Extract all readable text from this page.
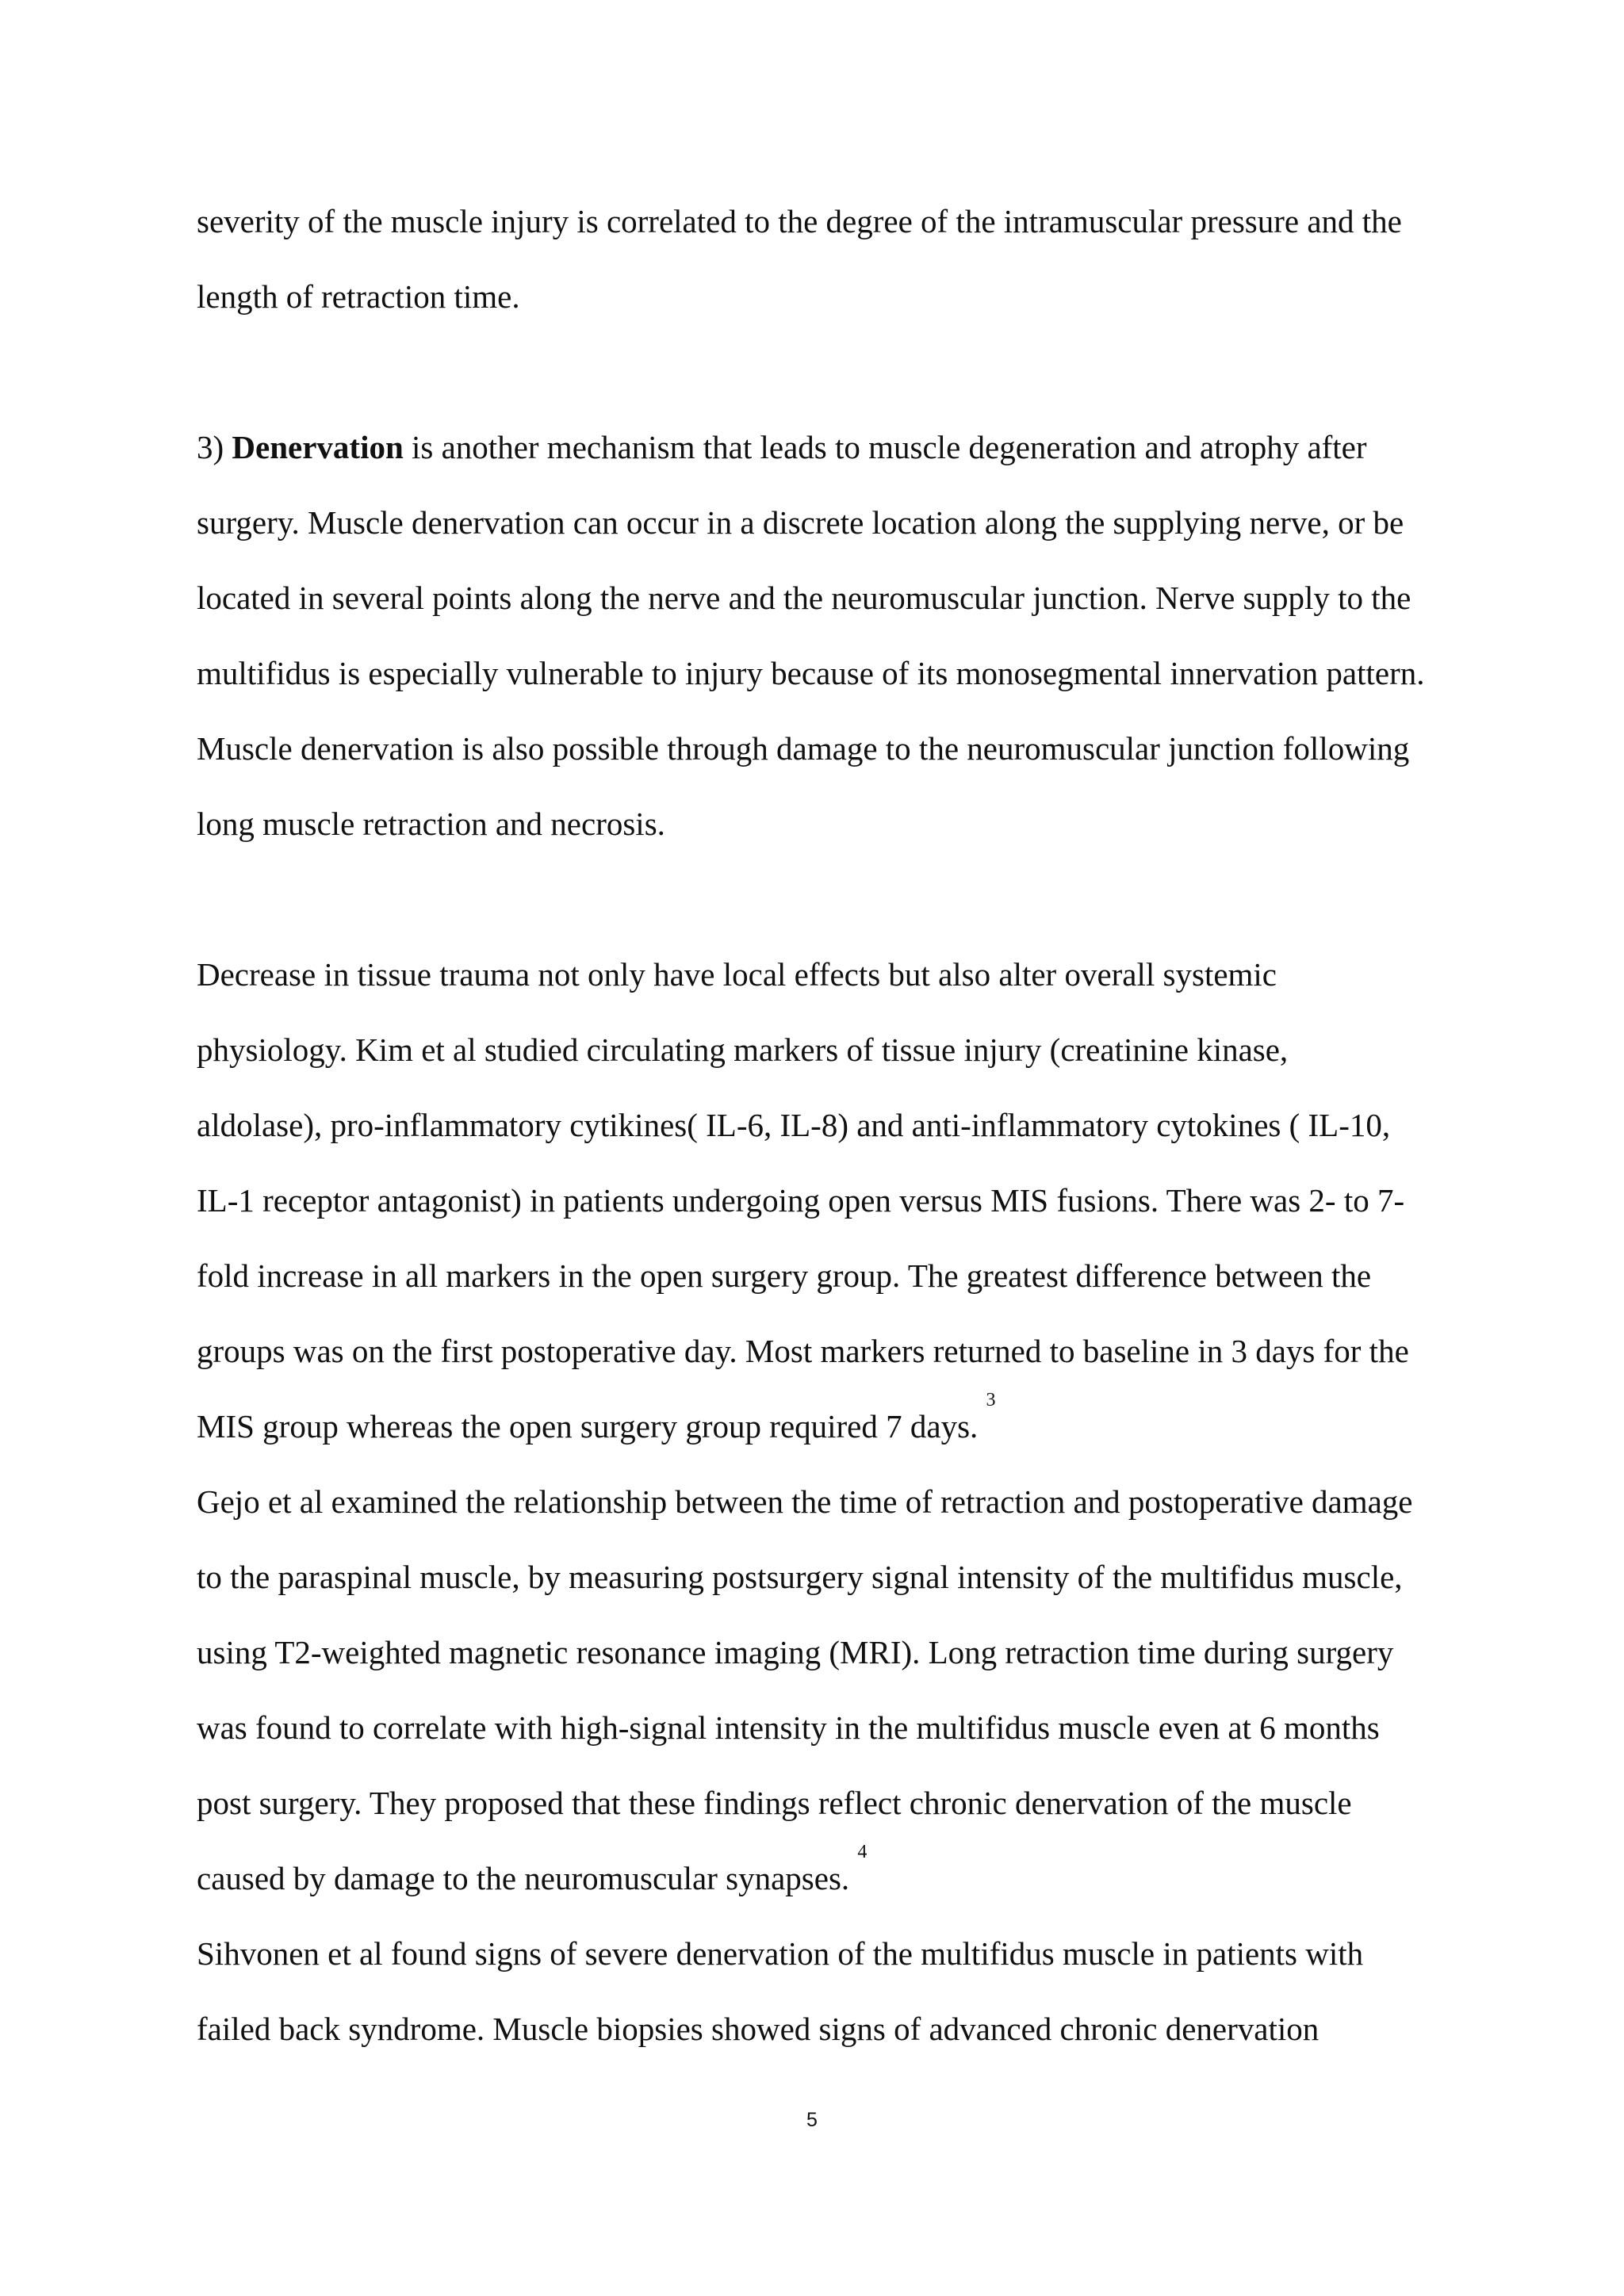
severity of the muscle injury is correlated to the degree of the intramuscular pressure and the
length of retraction time.
3) Denervation is another mechanism that leads to muscle degeneration and atrophy after
surgery. Muscle denervation can occur in a discrete location along the supplying nerve, or be
located in several points along the nerve and the neuromuscular junction. Nerve supply to the
multifidus is especially vulnerable to injury because of its monosegmental innervation pattern.
Muscle denervation is also possible through damage to the neuromuscular junction following
long muscle retraction and necrosis.
Decrease in tissue trauma not only have local effects but also alter overall systemic
physiology. Kim et al studied circulating markers of tissue injury (creatinine kinase,
aldolase), pro-inflammatory cytikines( IL-6, IL-8) and anti-inflammatory cytokines ( IL-10,
IL-1 receptor antagonist) in patients undergoing open versus MIS fusions. There was 2- to 7-
fold increase in all markers in the open surgery group. The greatest difference between the
groups was on the first postoperative day. Most markers returned to baseline in 3 days for the
MIS group whereas the open surgery group required 7 days. $^3$
Gejo et al examined the relationship between the time of retraction and postoperative damage
to the paraspinal muscle, by measuring postsurgery signal intensity of the multifidus muscle,
using T2-weighted magnetic resonance imaging (MRI). Long retraction time during surgery
was found to correlate with high-signal intensity in the multifidus muscle even at 6 months
post surgery. They proposed that these findings reflect chronic denervation of the muscle
caused by damage to the neuromuscular synapses. $^4$
Sihvonen et al found signs of severe denervation of the multifidus muscle in patients with
failed back syndrome. Muscle biopsies showed signs of advanced chronic denervation
5
